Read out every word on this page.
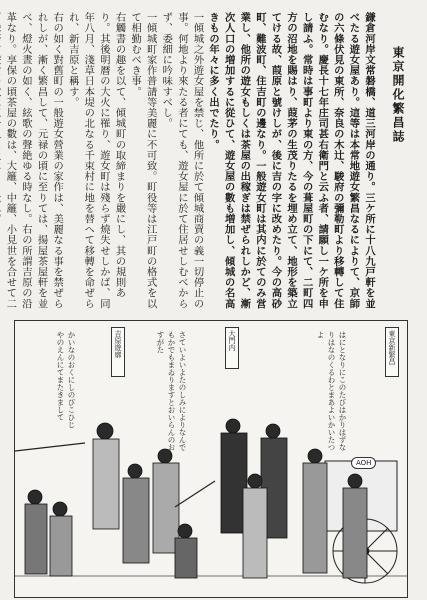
東京開化繁昌誌

鎌倉河岸文常磐橋、道三河岸の通り。三ケ所に十八九戸軒を並べたる遊女屋あり。這等は本常地遊女繁昌なるによりて、京師の六條伏見の東所、奈良の木辻、駿府の彌勒町より移轉して住むなり。慶長十七年庄司甚右衛門と云ふ者、請願し一ケ所を申し請ふ。常時は事町より東の方、今の葺屋町の下にて、二町四方の沼地を賜はり、葭茅の生茂りたるを埋め立て、地形を築立てける故、葭原と號けしが、後に吉の字に改めたり。今の高砂町、難波町、住吉町の邊なり。一般遊女町は其内に於てのみ営業し、他所の遊女もしくは茶屋の出稼ぎは禁ぜられしかど、漸次人口の増加するに從ひて、遊女屋の數も増加し、傾城の名高きもの年々に多く出でたり。

一傾城之外遊女屋を禁じ、他所に於て傾城商賣の義一切停止の事。何地より來たる者にても、遊女屋に於て住居せしむべからず、委細に吟味すべし。

一傾城町家作普請等美麗に不可致。町役等は江戸町の格式を以て相勤むべき事。

右觸書の趣を以て、傾城町の取締まりを嚴にし、其の規則あり。其後明暦の大火に罹り、遊女町は殘らず燒失せしかば、同年八月、淺草日本堤の北なる千束村に地を替へて移轉を命ぜられ、新吉原と稱す。

右の如く對舊町の一般遊女營業の家作は、美麗なる事を禁ぜられしが、漸く繁昌して、元禄の頃に至りては、揚屋茶屋軒を並べ、燈火晝の如く、絃歌の聲絶ゆる時なし。右の所謂吉原の沿革なり。享保の頃茶屋の數は、大籬、中籬、小見世を合せて二

東京新繁昌
大門内
吉原遊廓	はにとなりにこのたびはかりはずなりはなのくるわとまあよいかいたつよ
さていよいよたのしみによりなんでもかでもまゐりますとおいらんのおすがた
かいなのおくにしのびこひじやのえんにてまたきまして
AOH
